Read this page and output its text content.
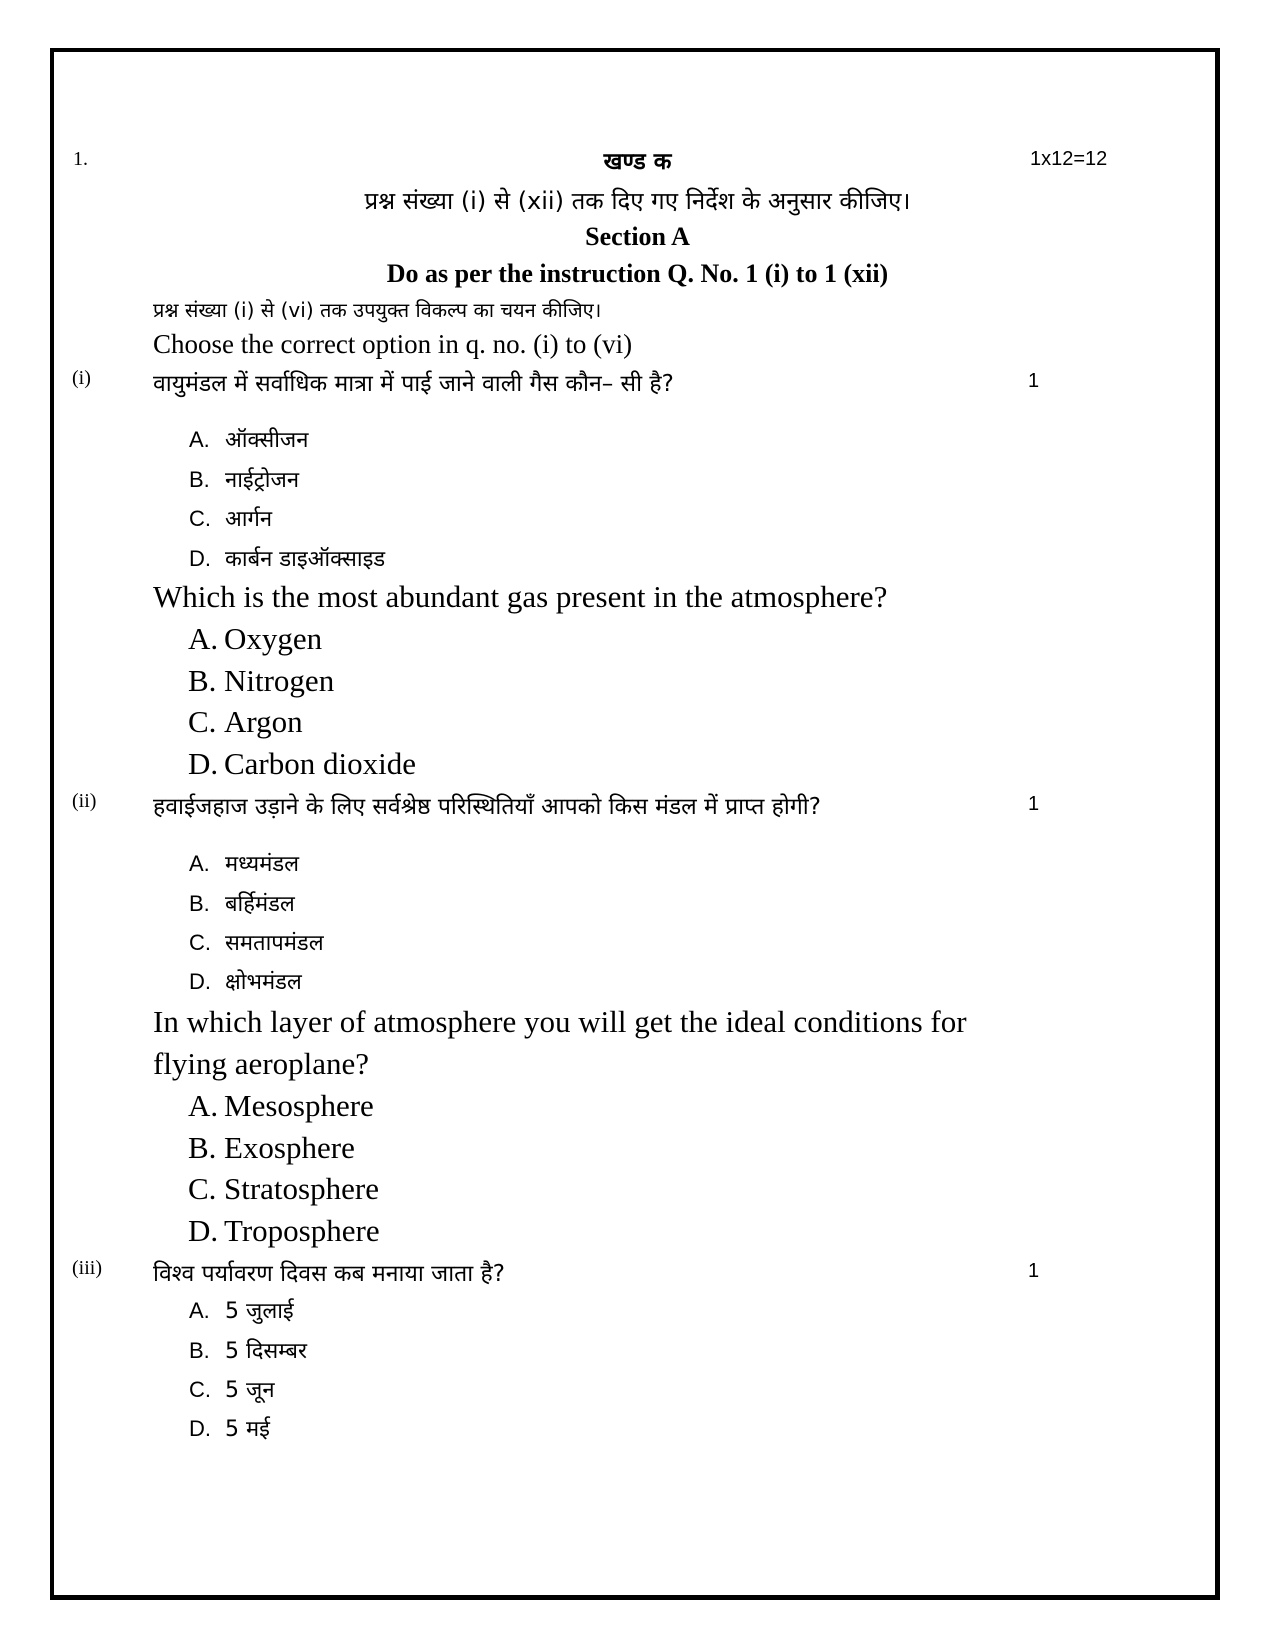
1.	खण्ड क	1x12=12
प्रश्न संख्या (i) से (xii) तक दिए गए निर्देश के अनुसार कीजिए।
Section A
Do as per the instruction Q. No. 1 (i) to 1 (xii)
प्रश्न संख्या (i) से (vi) तक उपयुक्त विकल्प का चयन कीजिए।
Choose the correct option in q. no. (i) to (vi)
(i)	वायुमंडल में सर्वाधिक मात्रा में पाई जाने वाली गैस कौन– सी है?	1
A. ऑक्सीजन
B. नाईट्रोजन
C. आर्गन
D. कार्बन डाइऑक्साइड
Which is the most abundant gas present in the atmosphere?
A. Oxygen
B. Nitrogen
C. Argon
D. Carbon dioxide
(ii) हवाईजहाज उड़ाने के लिए सर्वश्रेष्ठ परिस्थितियाँ आपको किस मंडल में प्राप्त होगी?	1
A. मध्यमंडल
B. बर्हिमंडल
C. समतापमंडल
D. क्षोभमंडल
In which layer of atmosphere you will get the ideal conditions for
flying aeroplane?
A. Mesosphere
B. Exosphere
C. Stratosphere
D. Troposphere
(iii) विश्व पर्यावरण दिवस कब मनाया जाता है?	1
A. 5 जुलाई
B. 5 दिसम्बर
C. 5 जून
D. 5 मई
